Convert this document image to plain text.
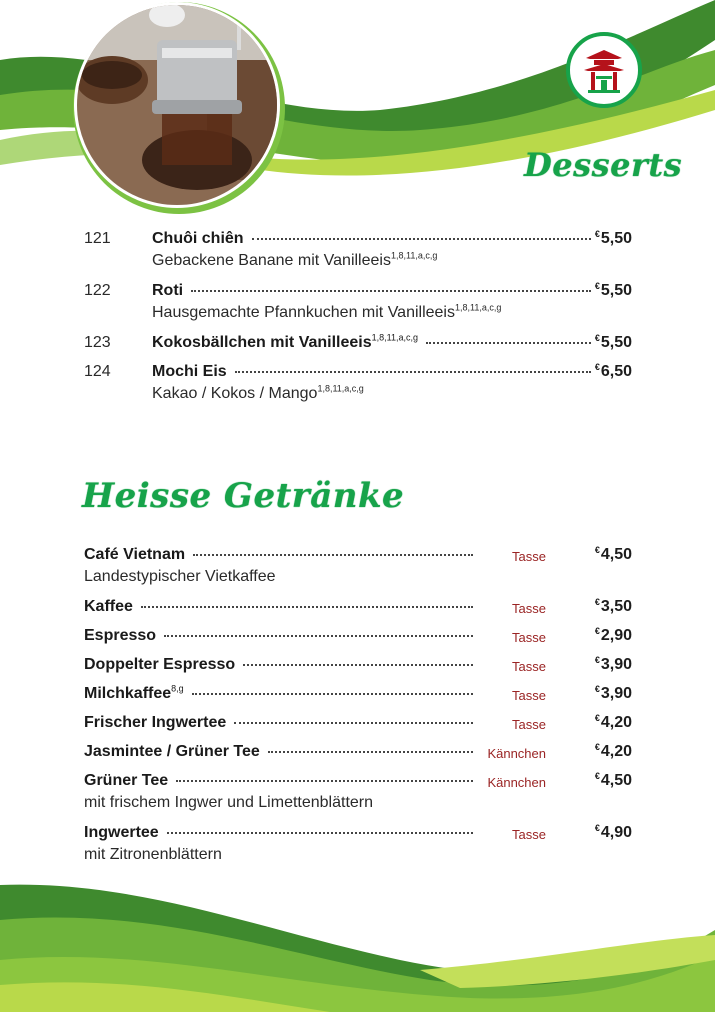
Desserts
121	Chuôi chiên	€5,50
Gebackene Banane mit Vanilleeis$^{1,8,11,a,c,g}$
122	Roti	€5,50
Hausgemachte Pfannkuchen mit Vanilleeis$^{1,8,11,a,c,g}$
123	Kokosbällchen mit Vanilleeis$^{1,8,11,a,c,g}$	€5,50
124	Mochi Eis	€6,50
Kakao / Kokos / Mango$^{1,8,11,a,c,g}$
Heisse Getränke
Café Vietnam	Tasse	€4,50
Landestypischer Vietkaffee
Kaffee	Tasse	€3,50
Espresso	Tasse	€2,90
Doppelter Espresso	Tasse	€3,90
Milchkaffee$^{8,g}$	Tasse	€3,90
Frischer Ingwertee	Tasse	€4,20
Jasmintee / Grüner Tee	Kännchen	€4,20
Grüner Tee	Kännchen	€4,50
mit frischem Ingwer und Limettenblättern
Ingwertee	Tasse	€4,90
mit Zitronenblättern
